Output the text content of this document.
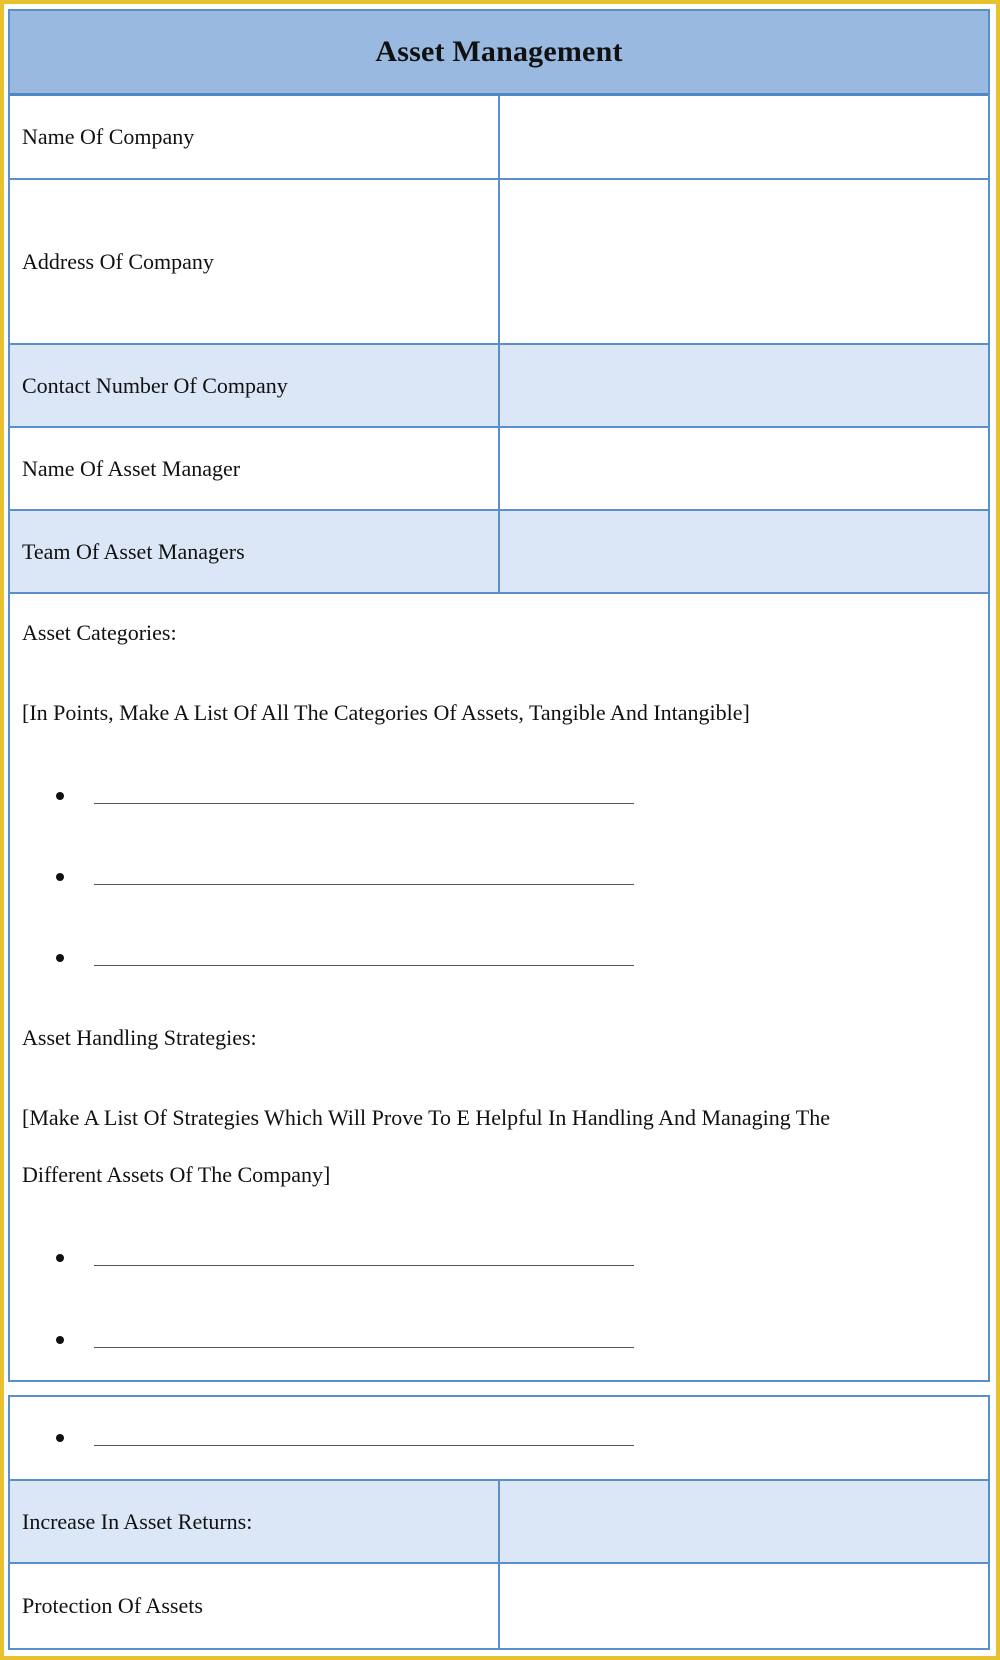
Asset Management
Name Of Company
Address Of Company
Contact Number Of Company
Name Of Asset Manager
Team Of Asset Managers
Asset Categories:
[In Points, Make A List Of All The Categories Of Assets, Tangible And Intangible]
Asset Handling Strategies:
[Make A List Of Strategies Which Will Prove To E Helpful In Handling And Managing The
Different Assets Of The Company]
Increase In Asset Returns:
Protection Of Assets
